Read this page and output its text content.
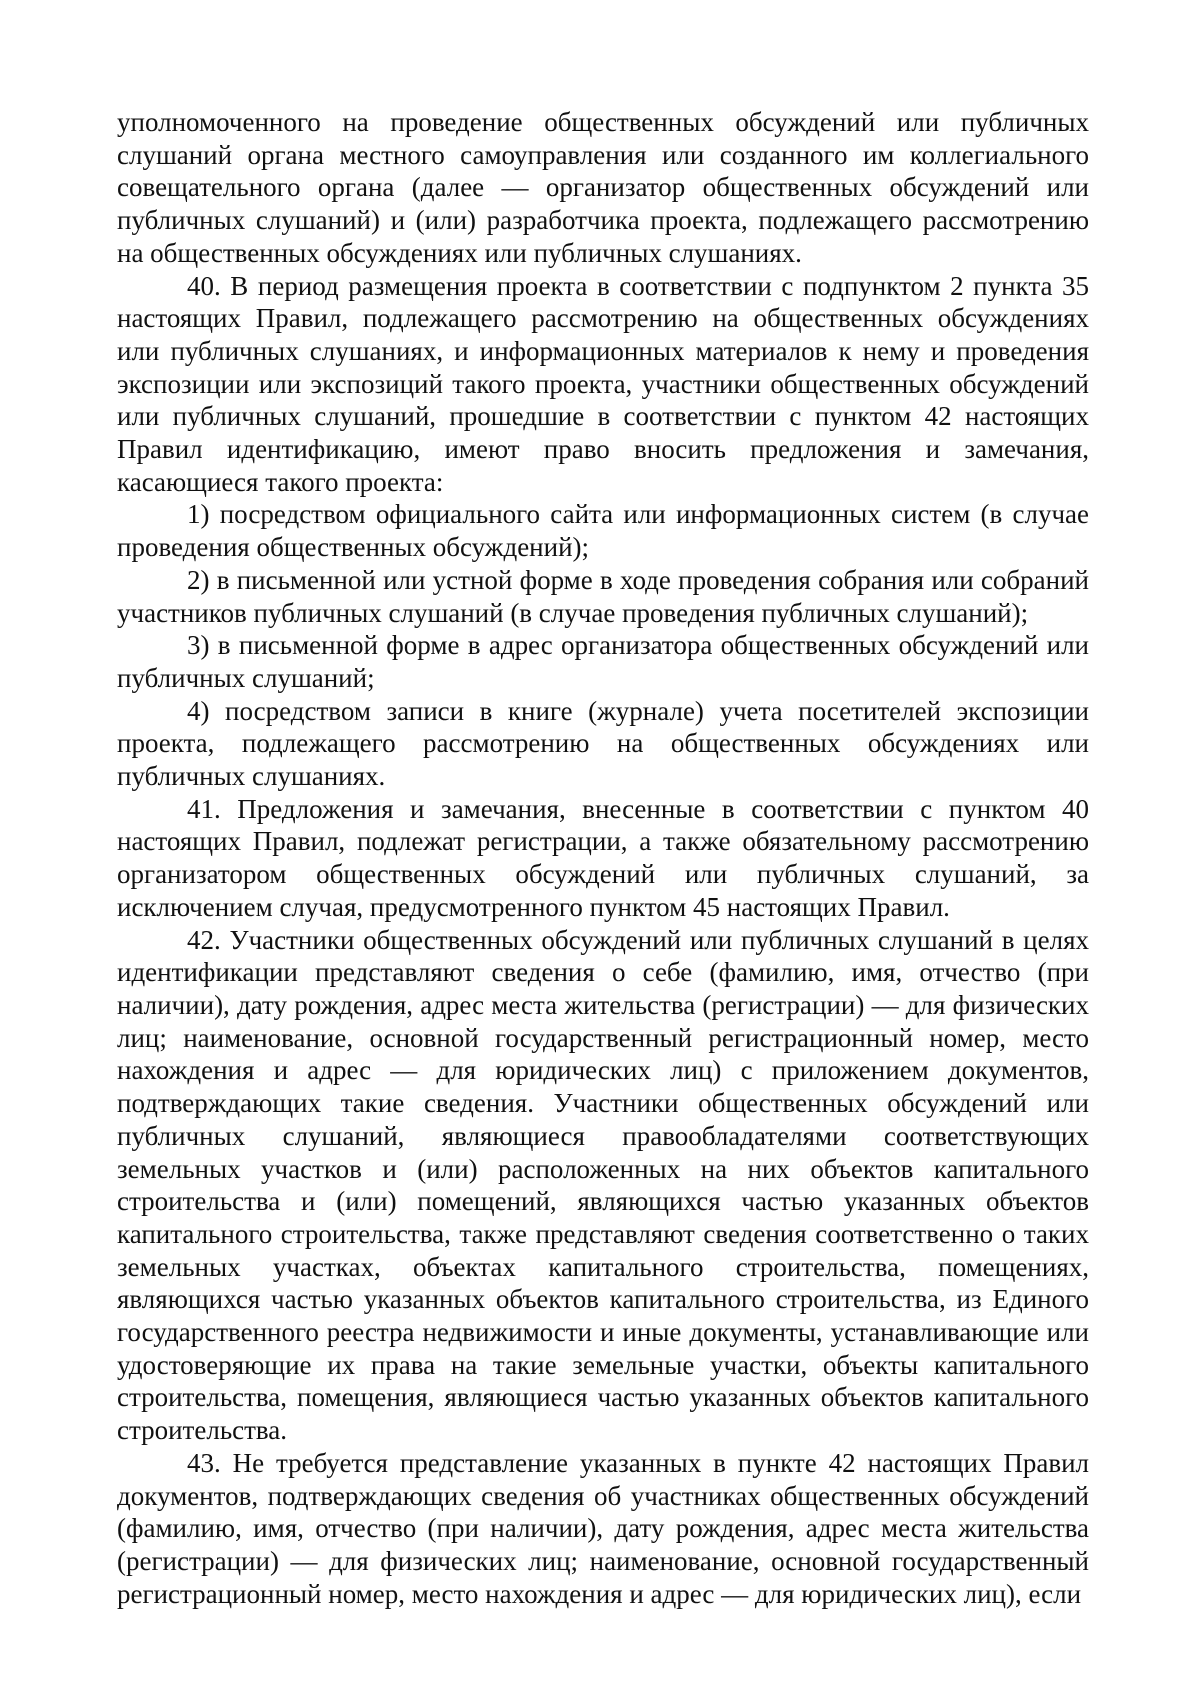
уполномоченного на проведение общественных обсуждений или публичных слушаний органа местного самоуправления или созданного им коллегиального совещательного органа (далее — организатор общественных обсуждений или публичных слушаний) и (или) разработчика проекта, подлежащего рассмотрению на общественных обсуждениях или публичных слушаниях.

40. В период размещения проекта в соответствии с подпунктом 2 пункта 35 настоящих Правил, подлежащего рассмотрению на общественных обсуждениях или публичных слушаниях, и информационных материалов к нему и проведения экспозиции или экспозиций такого проекта, участники общественных обсуждений или публичных слушаний, прошедшие в соответствии с пунктом 42 настоящих Правил идентификацию, имеют право вносить предложения и замечания, касающиеся такого проекта:

1) посредством официального сайта или информационных систем (в случае проведения общественных обсуждений);

2) в письменной или устной форме в ходе проведения собрания или собраний участников публичных слушаний (в случае проведения публичных слушаний);

3) в письменной форме в адрес организатора общественных обсуждений или публичных слушаний;

4) посредством записи в книге (журнале) учета посетителей экспозиции проекта, подлежащего рассмотрению на общественных обсуждениях или публичных слушаниях.

41. Предложения и замечания, внесенные в соответствии с пунктом 40 настоящих Правил, подлежат регистрации, а также обязательному рассмотрению организатором общественных обсуждений или публичных слушаний, за исключением случая, предусмотренного пунктом 45 настоящих Правил.

42. Участники общественных обсуждений или публичных слушаний в целях идентификации представляют сведения о себе (фамилию, имя, отчество (при наличии), дату рождения, адрес места жительства (регистрации) — для физических лиц; наименование, основной государственный регистрационный номер, место нахождения и адрес — для юридических лиц) с приложением документов, подтверждающих такие сведения. Участники общественных обсуждений или публичных слушаний, являющиеся правообладателями соответствующих земельных участков и (или) расположенных на них объектов капитального строительства и (или) помещений, являющихся частью указанных объектов капитального строительства, также представляют сведения соответственно о таких земельных участках, объектах капитального строительства, помещениях, являющихся частью указанных объектов капитального строительства, из Единого государственного реестра недвижимости и иные документы, устанавливающие или удостоверяющие их права на такие земельные участки, объекты капитального строительства, помещения, являющиеся частью указанных объектов капитального строительства.

43. Не требуется представление указанных в пункте 42 настоящих Правил документов, подтверждающих сведения об участниках общественных обсуждений (фамилию, имя, отчество (при наличии), дату рождения, адрес места жительства (регистрации) — для физических лиц; наименование, основной государственный регистрационный номер, место нахождения и адрес — для юридических лиц), если
